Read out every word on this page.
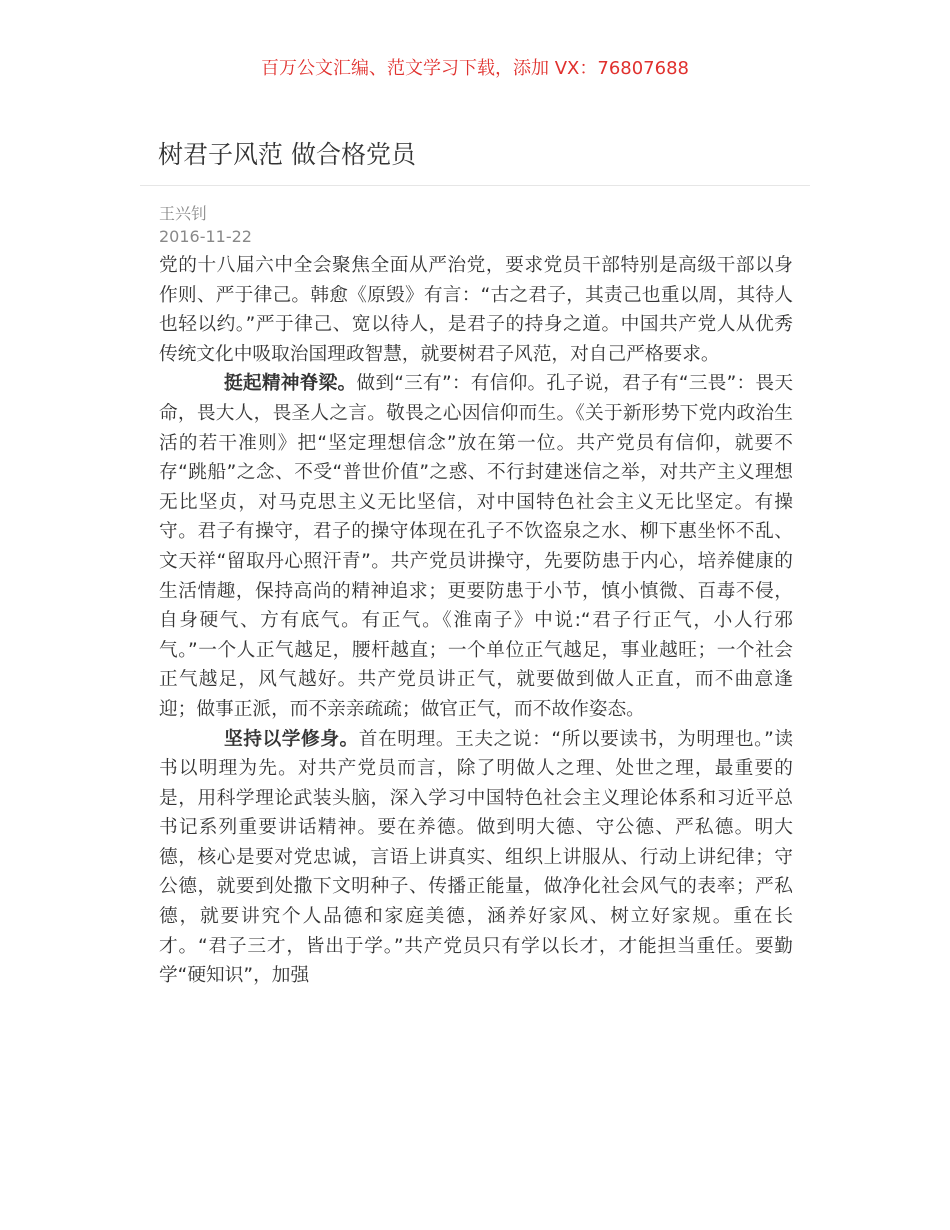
百万公文汇编、范文学习下载，添加 VX：76807688
树君子风范 做合格党员
王兴钊
2016-11-22

党的十八届六中全会聚焦全面从严治党，要求党员干部特别是高级干部以身作则、严于律己。韩愈《原毁》有言：“古之君子，其责己也重以周，其待人也轻以约。”严于律己、宽以待人，是君子的持身之道。中国共产党人从优秀传统文化中吸取治国理政智慧，就要树君子风范，对自己严格要求。

挺起精神脊梁。做到“三有”：有信仰。孔子说，君子有“三畏”：畏天命，畏大人，畏圣人之言。敬畏之心因信仰而生。《关于新形势下党内政治生活的若干准则》把“坚定理想信念”放在第一位。共产党员有信仰，就要不存“跳船”之念、不受“普世价值”之惑、不行封建迷信之举，对共产主义理想无比坚贞，对马克思主义无比坚信，对中国特色社会主义无比坚定。有操守。君子有操守，君子的操守体现在孔子不饮盗泉之水、柳下惠坐怀不乱、文天祥“留取丹心照汗青”。共产党员讲操守，先要防患于内心，培养健康的生活情趣，保持高尚的精神追求；更要防患于小节，慎小慎微、百毒不侵，自身硬气、方有底气。有正气。《淮南子》中说:“君子行正气，小人行邪气。”一个人正气越足，腰杆越直；一个单位正气越足，事业越旺；一个社会正气越足，风气越好。共产党员讲正气，就要做到做人正直，而不曲意逢迎；做事正派，而不亲亲疏疏；做官正气，而不故作姿态。

坚持以学修身。首在明理。王夫之说：“所以要读书，为明理也。”读书以明理为先。对共产党员而言，除了明做人之理、处世之理，最重要的是，用科学理论武装头脑，深入学习中国特色社会主义理论体系和习近平总书记系列重要讲话精神。要在养德。做到明大德、守公德、严私德。明大德，核心是要对党忠诚，言语上讲真实、组织上讲服从、行动上讲纪律；守公德，就要到处撒下文明种子、传播正能量，做净化社会风气的表率；严私德，就要讲究个人品德和家庭美德，涵养好家风、树立好家规。重在长才。“君子三才，皆出于学。”共产党员只有学以长才，才能担当重任。要勤学“硬知识”，加强
